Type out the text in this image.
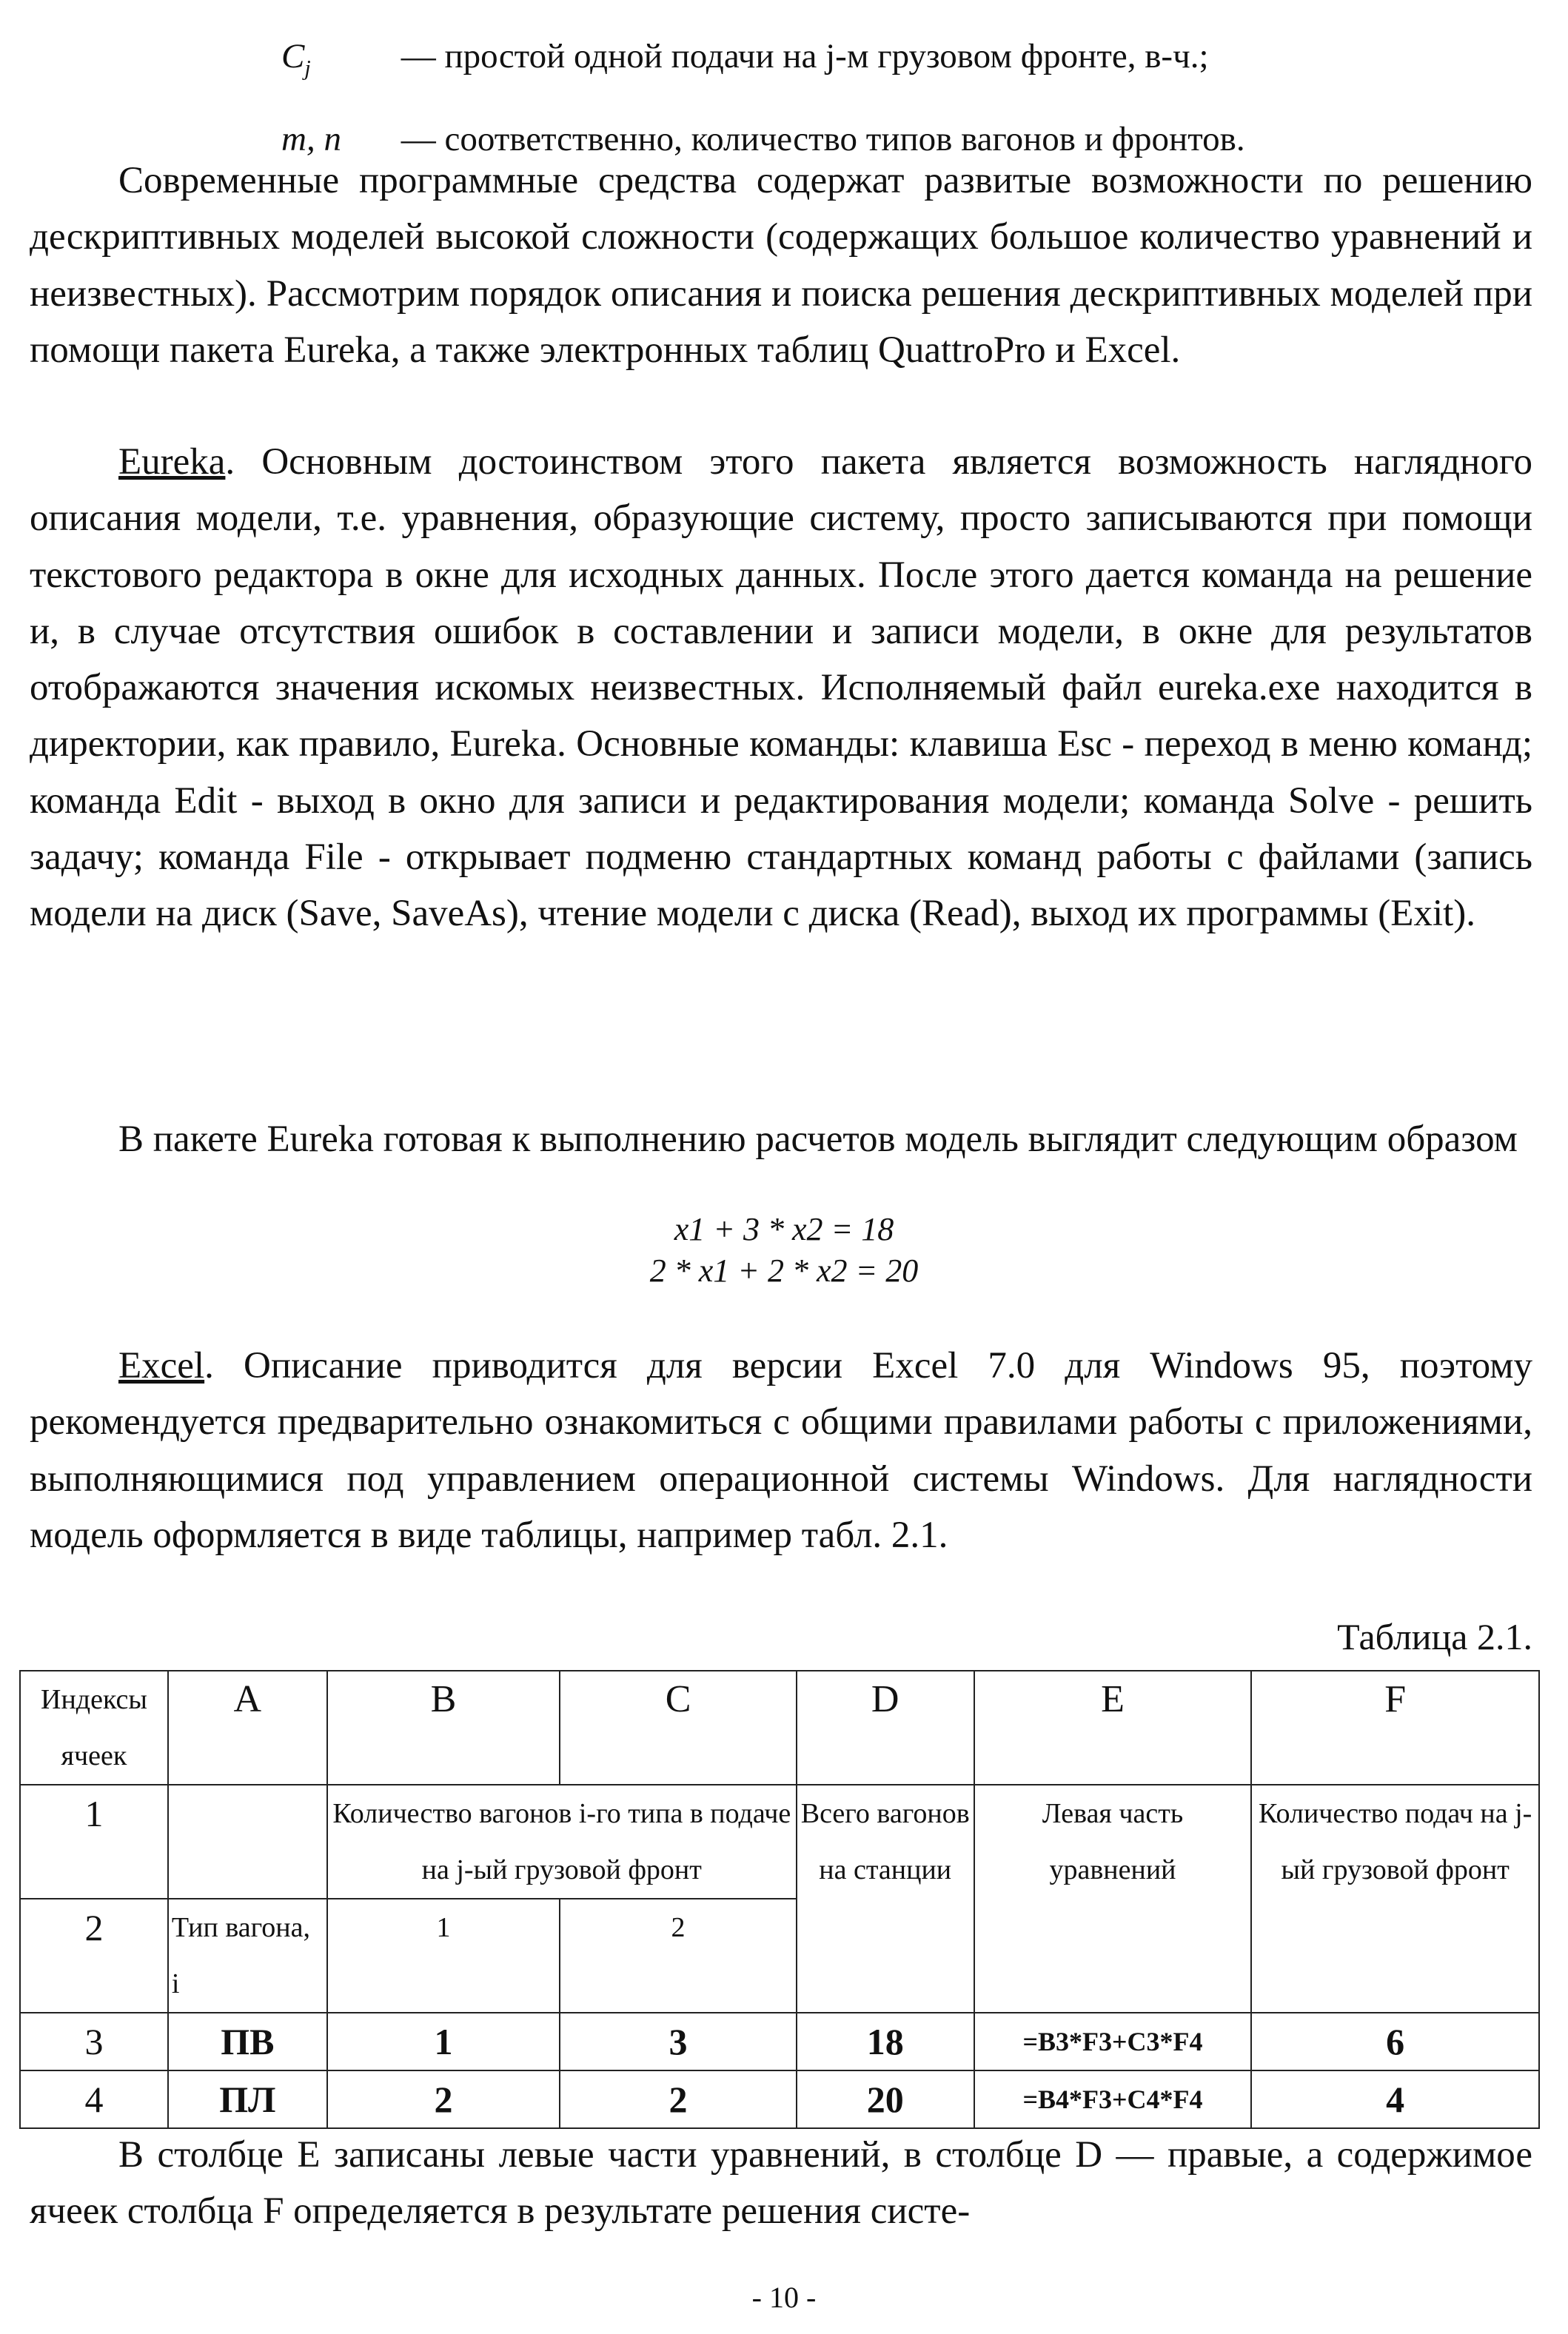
$C_j$	— простой одной подачи на j-м грузовом фронте, в-ч.;
m, n — соответственно, количество типов вагонов и фронтов.

Современные программные средства содержат развитые возможности по решению дескриптивных моделей высокой сложности (содержащих большое количество уравнений и неизвестных). Рассмотрим порядок описания и поиска решения дескриптивных моделей при помощи пакета Eureka, а также электронных таблиц QuattroPro и Excel.

Eureka. Основным достоинством этого пакета является возможность наглядного описания модели, т.е. уравнения, образующие систему, просто записываются при помощи текстового редактора в окне для исходных данных. После этого дается команда на решение и, в случае отсутствия ошибок в составлении и записи модели, в окне для результатов отображаются значения искомых неизвестных. Исполняемый файл eureka.exe находится в директории, как правило, Eureka. Основные команды: клавиша Esc - переход в меню команд; команда Edit - выход в окно для записи и редактирования модели; команда Solve - решить задачу; команда File - открывает подменю стандартных команд работы с файлами (запись модели на диск (Save, SaveAs), чтение модели с диска (Read), выход их программы (Exit).

В пакете Eureka готовая к выполнению расчетов модель выглядит следующим образом

x1 + 3 * x2 = 18
2 * x1 + 2 * x2 = 20

Excel. Описание приводится для версии Excel 7.0 для Windows 95, поэтому рекомендуется предварительно ознакомиться с общими правилами работы с приложениями, выполняющимися под управлением операционной системы Windows. Для наглядности модель оформляется в виде таблицы, например табл. 2.1.

Таблица 2.1.
Индексы ячеек	A	B	C	D	E	F
1		Количество вагонов i-го типа в подаче на j-ый грузовой фронт		Всего вагонов на станции	Левая часть уравнений	Количество подач на j-ый грузовой фронт
2	Тип вагона, i	1	2			
3	ПВ	1	3	18	=B3*F3+C3*F4	6
4	ПЛ	2	2	20	=B4*F3+C4*F4	4

В столбце E записаны левые части уравнений, в столбце D — правые, а содержимое ячеек столбца F определяется в результате решения систе-

- 10 -
